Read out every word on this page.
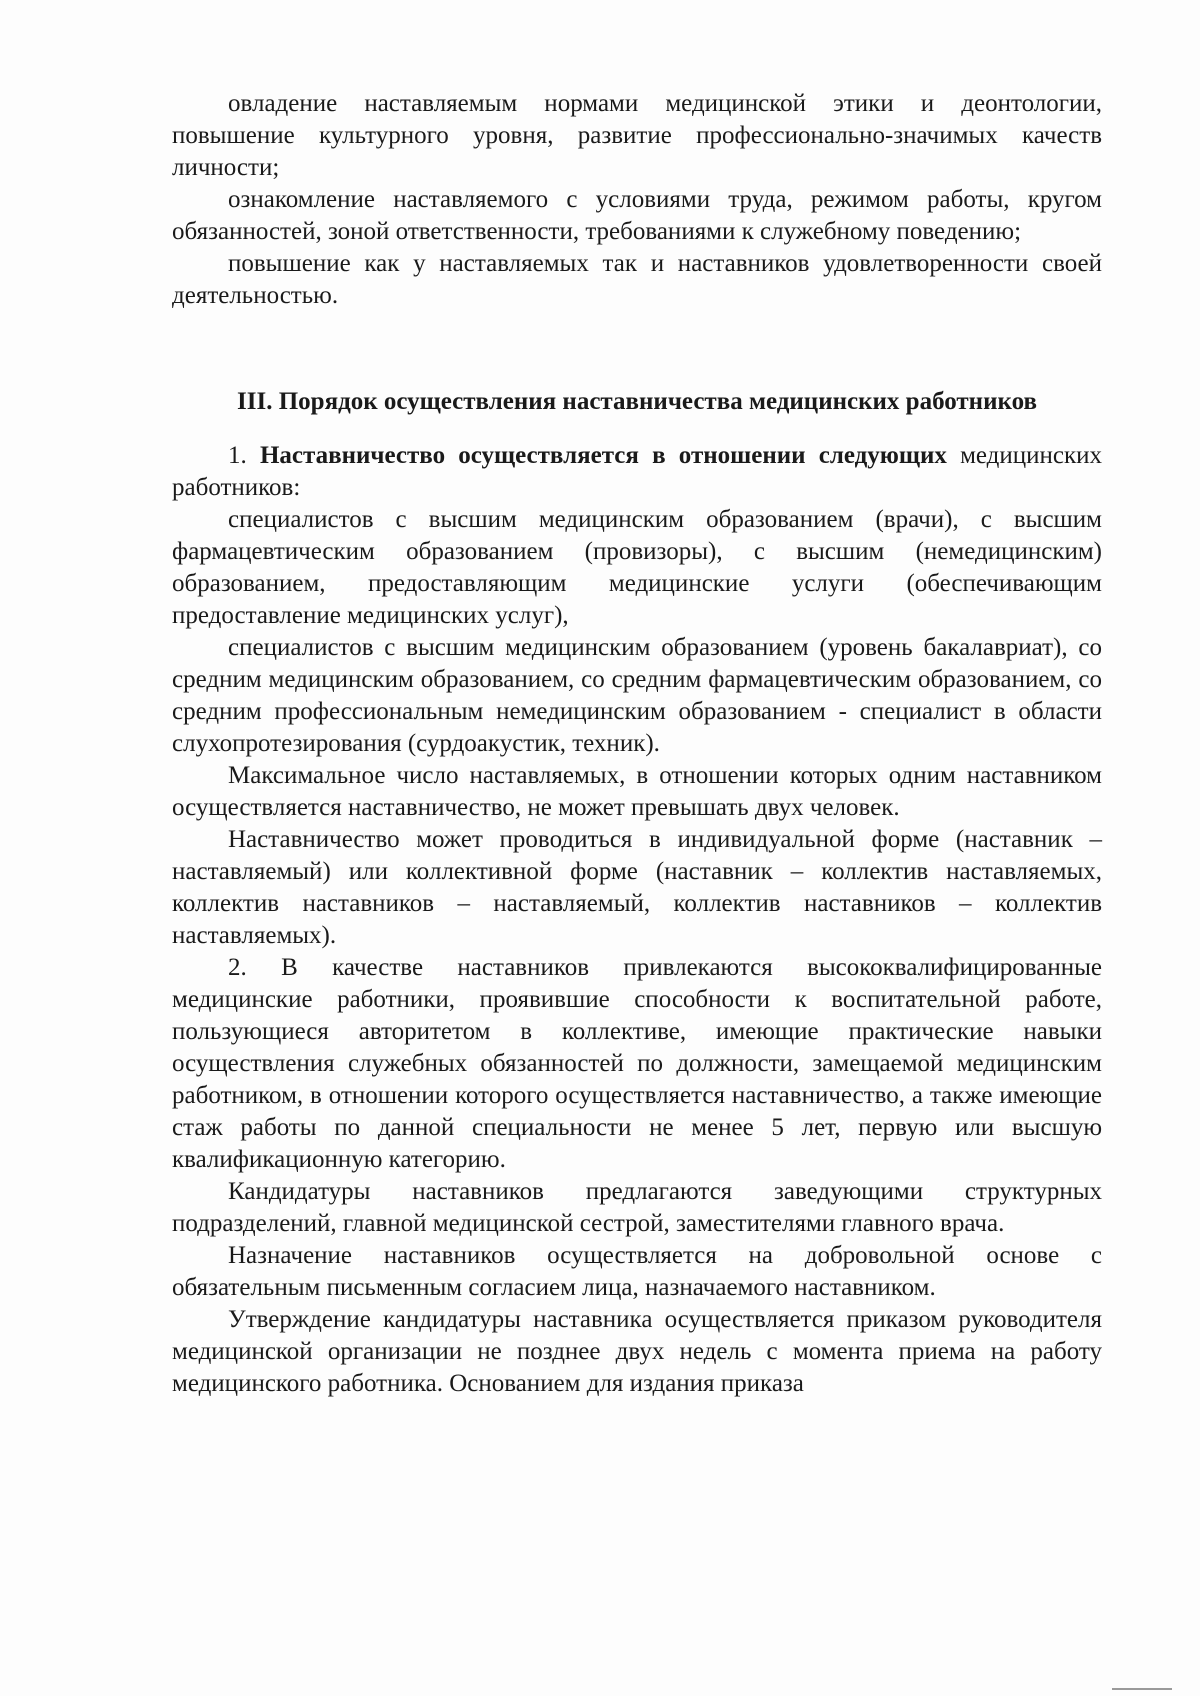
овладение наставляемым нормами медицинской этики и деонтологии, повышение культурного уровня, развитие профессионально-значимых качеств личности;

ознакомление наставляемого с условиями труда, режимом работы, кругом обязанностей, зоной ответственности, требованиями к служебному поведению;

повышение как у наставляемых так и наставников удовлетворенности своей деятельностью.

III. Порядок осуществления наставничества медицинских работников

1. Наставничество осуществляется в отношении следующих медицинских работников:

специалистов с высшим медицинским образованием (врачи), с высшим фармацевтическим образованием (провизоры), с высшим (немедицинским) образованием, предоставляющим медицинские услуги (обеспечивающим предоставление медицинских услуг),

специалистов с высшим медицинским образованием (уровень бакалавриат), со средним медицинским образованием, со средним фармацевтическим образованием, со средним профессиональным немедицинским образованием - специалист в области слухопротезирования (сурдоакустик, техник).

Максимальное число наставляемых, в отношении которых одним наставником осуществляется наставничество, не может превышать двух человек.

Наставничество может проводиться в индивидуальной форме (наставник – наставляемый) или коллективной форме (наставник – коллектив наставляемых, коллектив наставников – наставляемый, коллектив наставников – коллектив наставляемых).

2. В качестве наставников привлекаются высококвалифицированные медицинские работники, проявившие способности к воспитательной работе, пользующиеся авторитетом в коллективе, имеющие практические навыки осуществления служебных обязанностей по должности, замещаемой медицинским работником, в отношении которого осуществляется наставничество, а также имеющие стаж работы по данной специальности не менее 5 лет, первую или высшую квалификационную категорию.

Кандидатуры наставников предлагаются заведующими структурных подразделений, главной медицинской сестрой, заместителями главного врача.

Назначение наставников осуществляется на добровольной основе с обязательным письменным согласием лица, назначаемого наставником.

Утверждение кандидатуры наставника осуществляется приказом руководителя медицинской организации не позднее двух недель с момента приема на работу медицинского работника. Основанием для издания приказа
